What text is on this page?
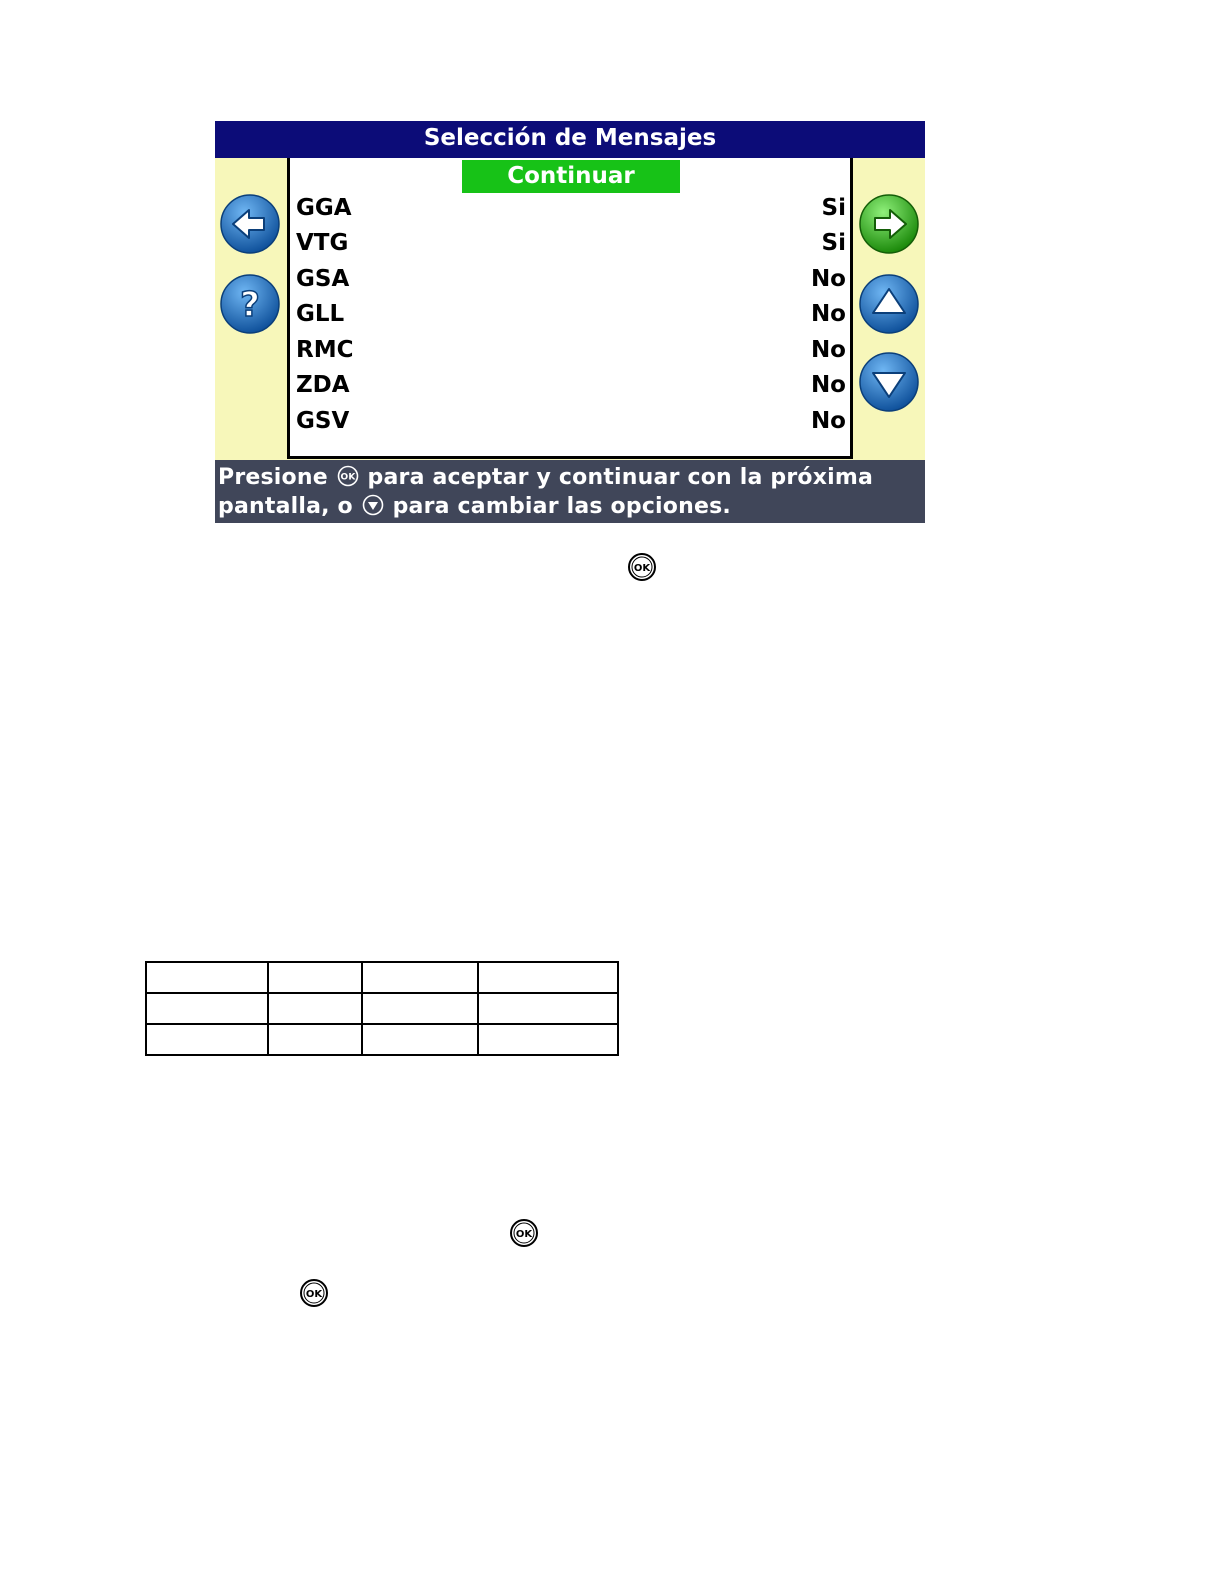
Selección de Mensajes
?
Continuar
GGA	Si
VTG	Si
GSA	No
GLL	No
RMC	No
ZDA	No
GSV	No
Presione OK para aceptar y continuar con la próxima
pantalla, o para cambiar las opciones.
OK

OK
OK
